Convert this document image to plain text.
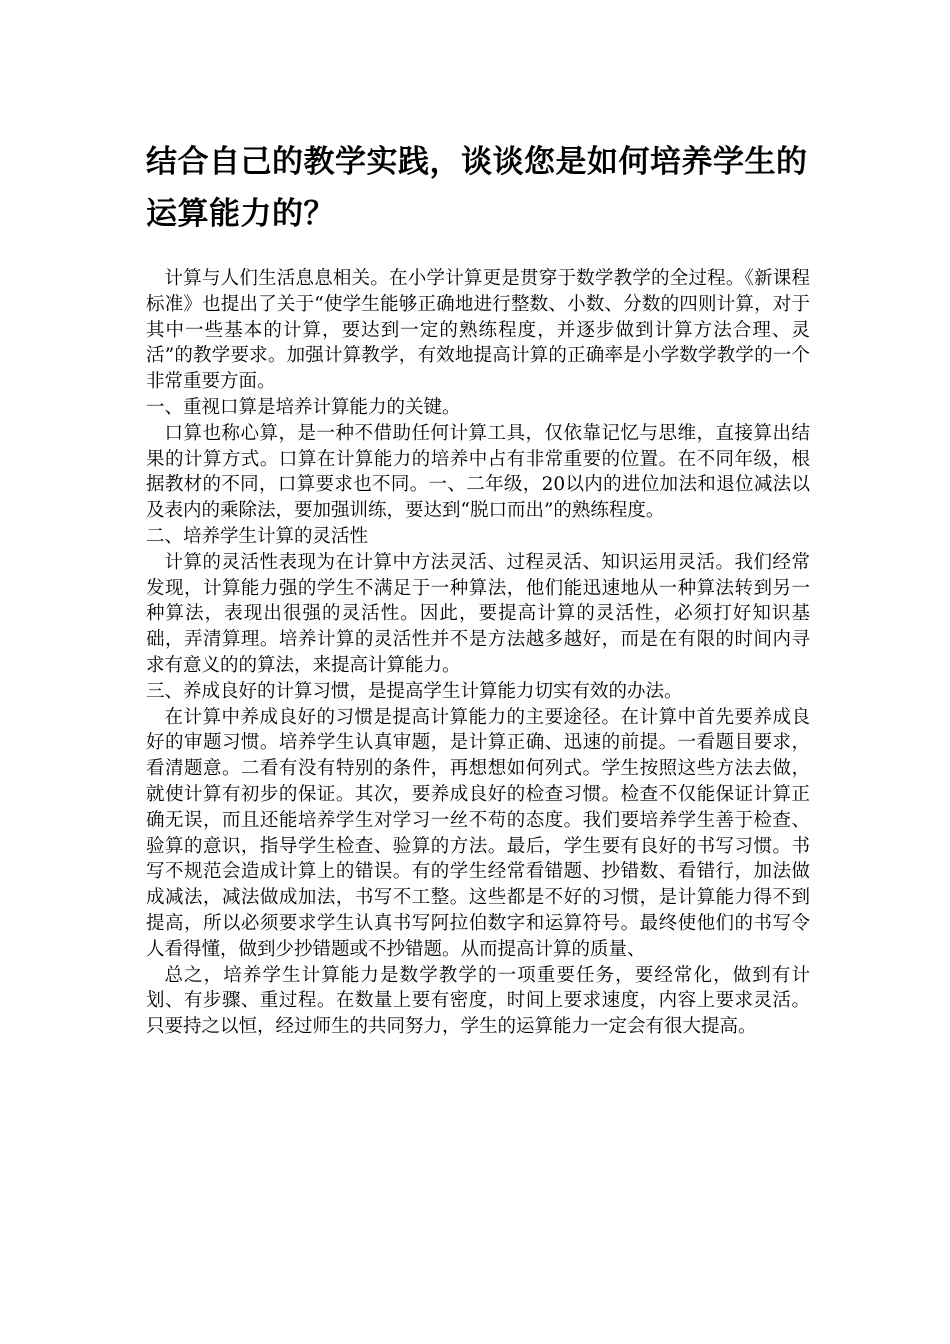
结合自己的教学实践，谈谈您是如何培养学生的运算能力的？

计算与人们生活息息相关。在小学计算更是贯穿于数学教学的全过程。《新课程标准》也提出了关于“使学生能够正确地进行整数、小数、分数的四则计算，对于其中一些基本的计算，要达到一定的熟练程度，并逐步做到计算方法合理、灵活”的教学要求。加强计算教学，有效地提高计算的正确率是小学数学教学的一个非常重要方面。

一、重视口算是培养计算能力的关键。

口算也称心算，是一种不借助任何计算工具，仅依靠记忆与思维，直接算出结果的计算方式。口算在计算能力的培养中占有非常重要的位置。在不同年级，根据教材的不同，口算要求也不同。一、二年级，20以内的进位加法和退位减法以及表内的乘除法，要加强训练，要达到“脱口而出”的熟练程度。

二、培养学生计算的灵活性

计算的灵活性表现为在计算中方法灵活、过程灵活、知识运用灵活。我们经常发现，计算能力强的学生不满足于一种算法，他们能迅速地从一种算法转到另一种算法，表现出很强的灵活性。因此，要提高计算的灵活性，必须打好知识基础，弄清算理。培养计算的灵活性并不是方法越多越好，而是在有限的时间内寻求有意义的的算法，来提高计算能力。

三、养成良好的计算习惯，是提高学生计算能力切实有效的办法。

在计算中养成良好的习惯是提高计算能力的主要途径。在计算中首先要养成良好的审题习惯。培养学生认真审题，是计算正确、迅速的前提。一看题目要求，看清题意。二看有没有特别的条件，再想想如何列式。学生按照这些方法去做，就使计算有初步的保证。其次，要养成良好的检查习惯。检查不仅能保证计算正确无误，而且还能培养学生对学习一丝不苟的态度。我们要培养学生善于检查、验算的意识，指导学生检查、验算的方法。最后，学生要有良好的书写习惯。书写不规范会造成计算上的错误。有的学生经常看错题、抄错数、看错行，加法做成减法，减法做成加法，书写不工整。这些都是不好的习惯，是计算能力得不到提高，所以必须要求学生认真书写阿拉伯数字和运算符号。最终使他们的书写令人看得懂，做到少抄错题或不抄错题。从而提高计算的质量、

总之，培养学生计算能力是数学教学的一项重要任务，要经常化，做到有计划、有步骤、重过程。在数量上要有密度，时间上要求速度，内容上要求灵活。只要持之以恒，经过师生的共同努力，学生的运算能力一定会有很大提高。
